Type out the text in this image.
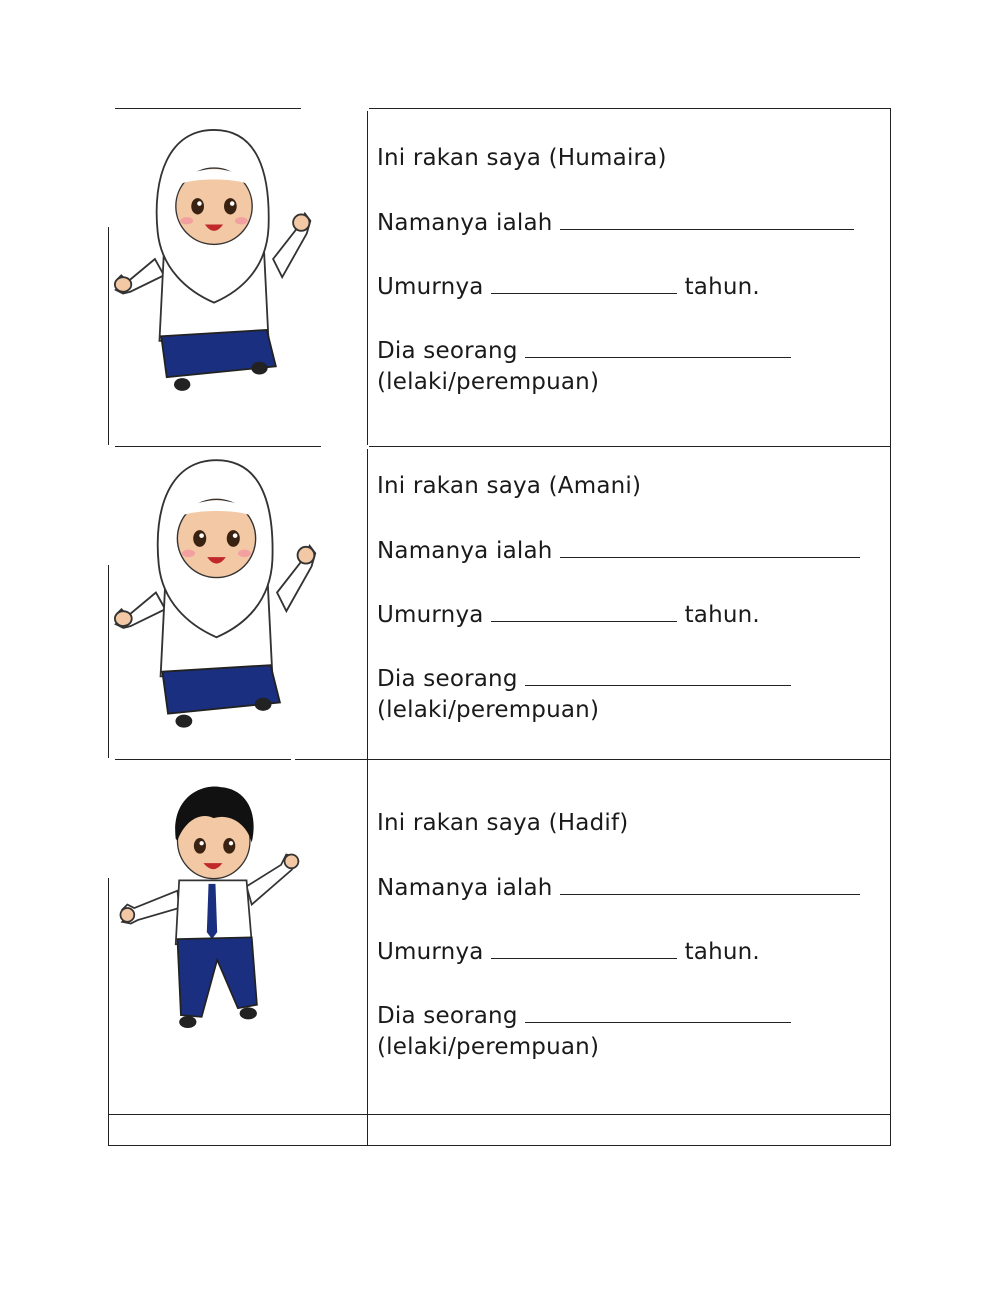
Ini rakan saya (Humaira)
Namanya ialah
Umurnya tahun.
Dia seorang
(lelaki/perempuan)

Ini rakan saya (Amani)
Namanya ialah
Umurnya tahun.
Dia seorang
(lelaki/perempuan)

Ini rakan saya (Hadif)
Namanya ialah
Umurnya tahun.
Dia seorang
(lelaki/perempuan)
